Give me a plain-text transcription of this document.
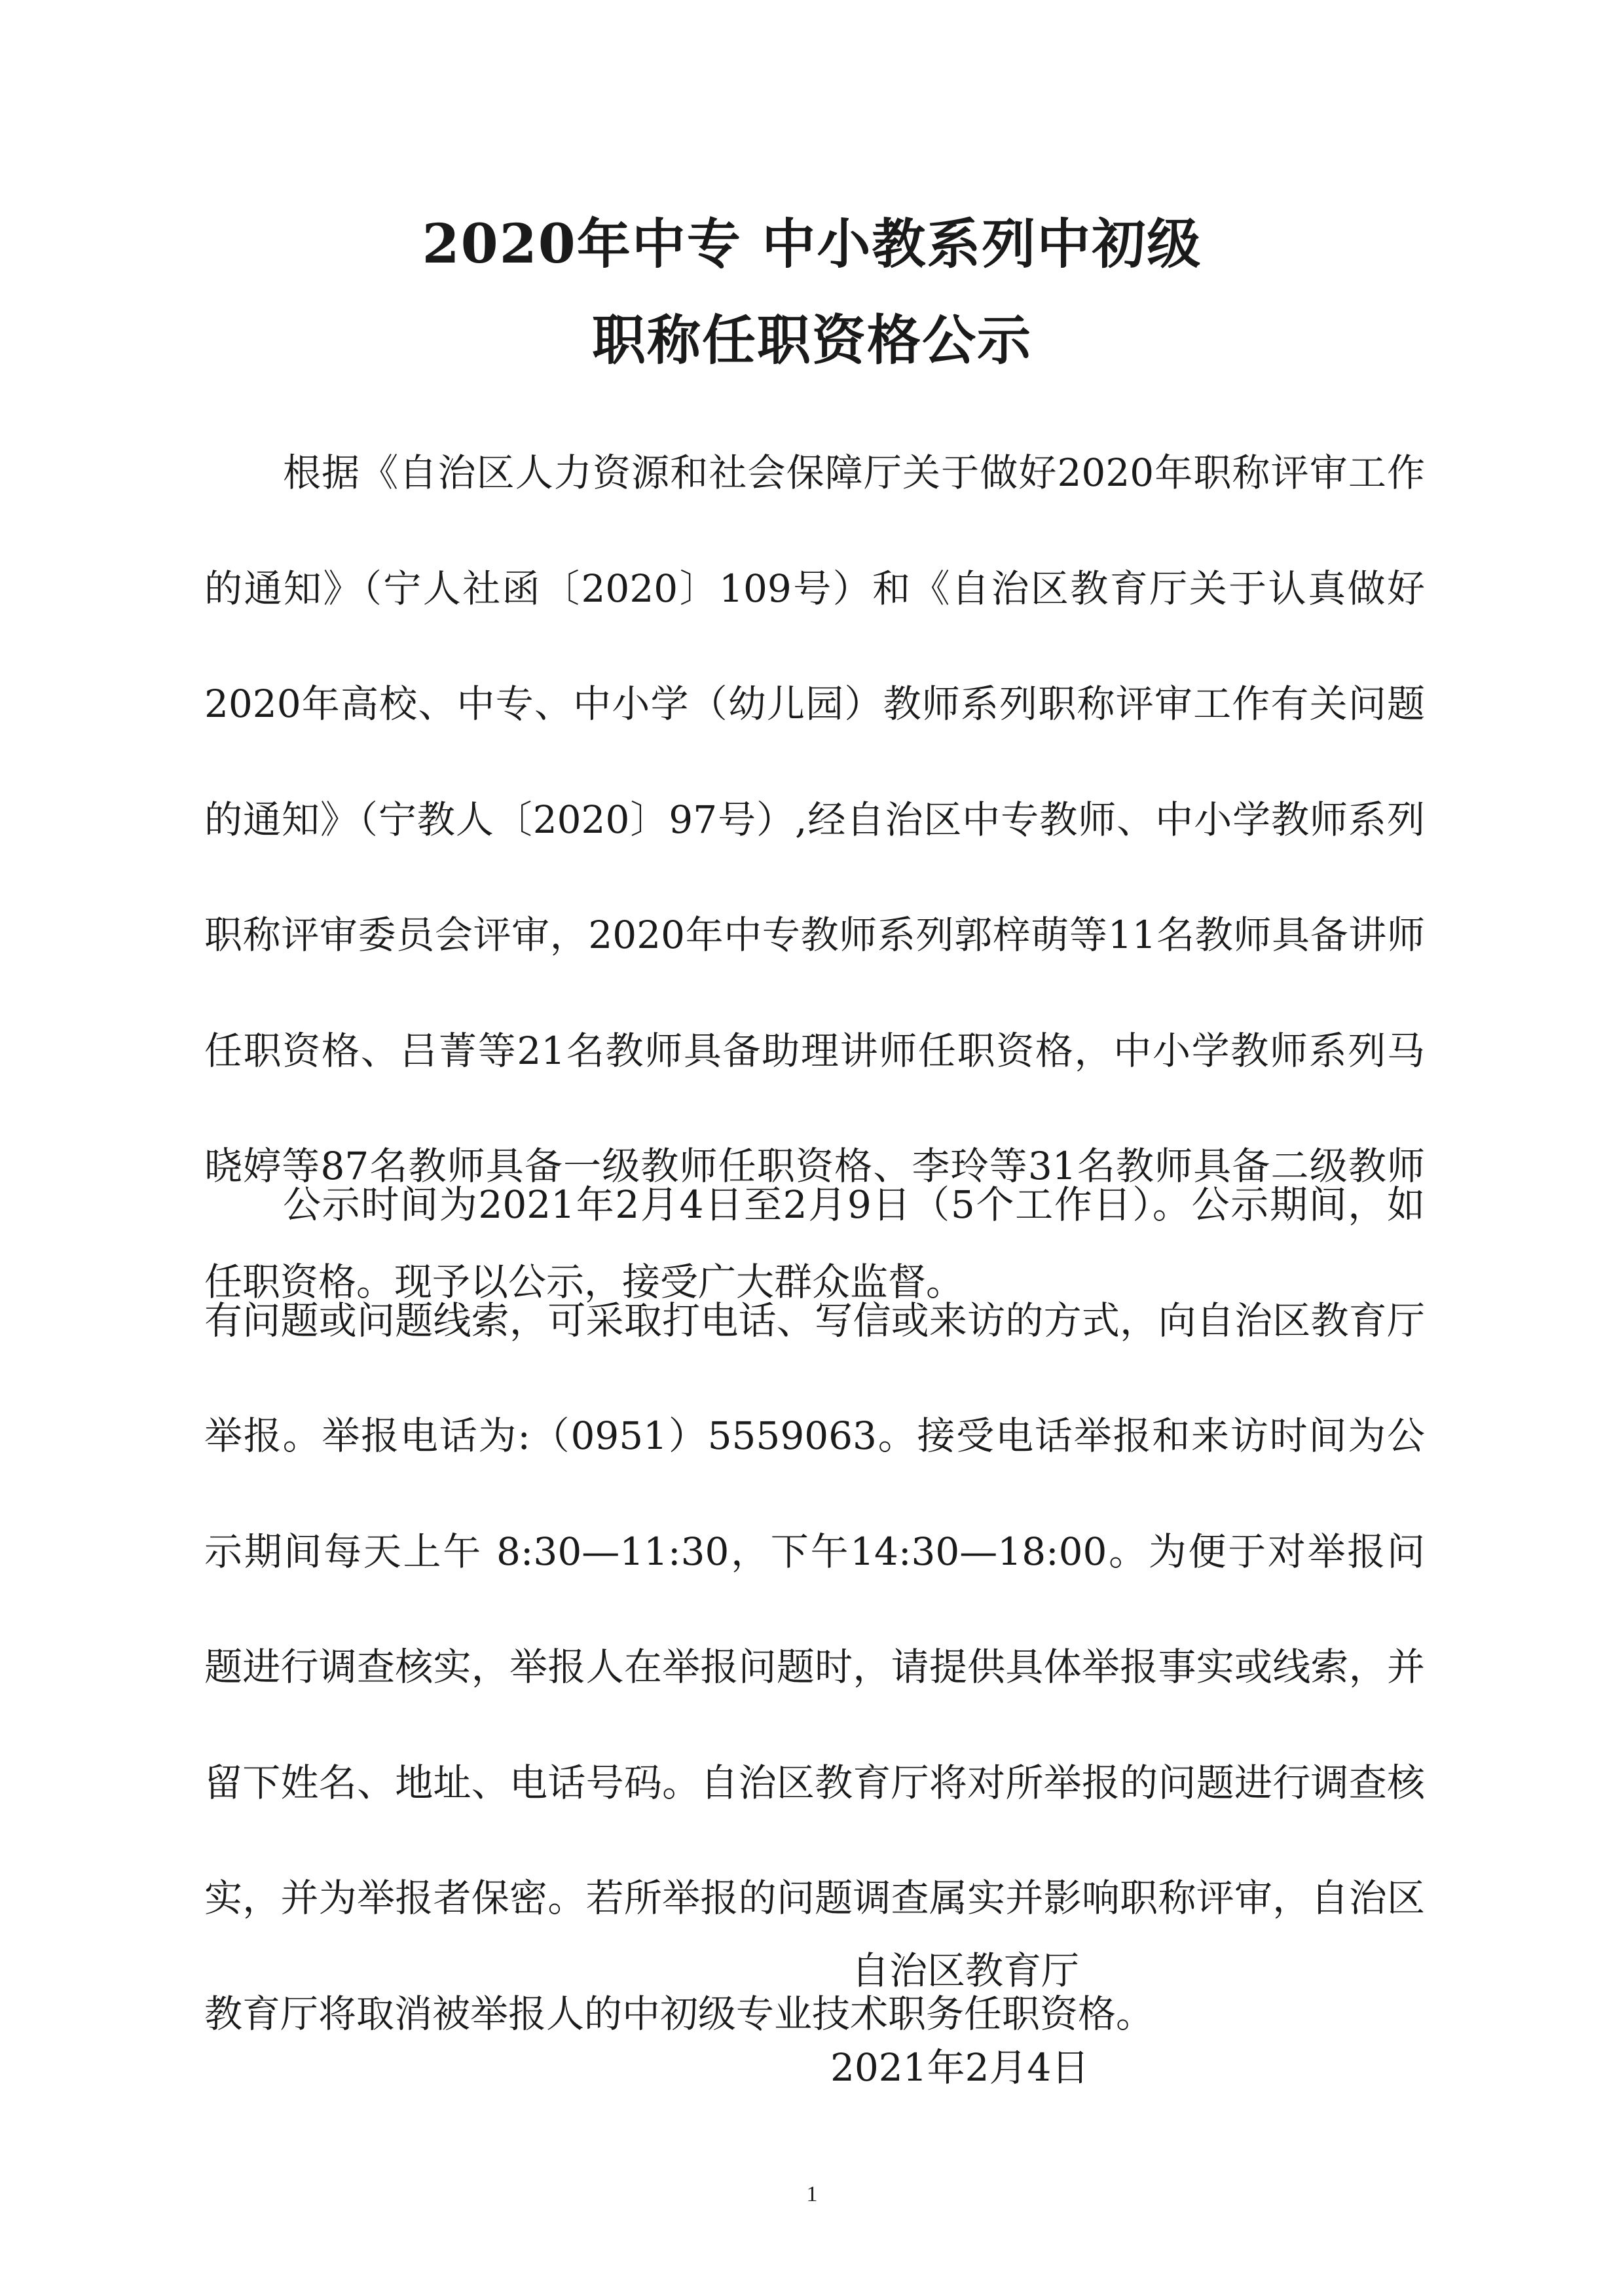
2020年中专 中小教系列中初级
职称任职资格公示

根据《自治区人力资源和社会保障厅关于做好2020年职称评审工作的通知》（宁人社函〔2020〕109号）和《自治区教育厅关于认真做好2020年高校、中专、中小学（幼儿园）教师系列职称评审工作有关问题的通知》（宁教人〔2020〕97号）,经自治区中专教师、中小学教师系列职称评审委员会评审，2020年中专教师系列郭梓萌等11名教师具备讲师任职资格、吕菁等21名教师具备助理讲师任职资格，中小学教师系列马晓婷等87名教师具备一级教师任职资格、李玲等31名教师具备二级教师任职资格。现予以公示，接受广大群众监督。

公示时间为2021年2月4日至2月9日（5个工作日）。公示期间，如有问题或问题线索，可采取打电话、写信或来访的方式，向自治区教育厅举报。举报电话为:（0951）5559063。接受电话举报和来访时间为公示期间每天上午 8:30—11:30，下午14:30—18:00。为便于对举报问题进行调查核实，举报人在举报问题时，请提供具体举报事实或线索，并留下姓名、地址、电话号码。自治区教育厅将对所举报的问题进行调查核实，并为举报者保密。若所举报的问题调查属实并影响职称评审，自治区教育厅将取消被举报人的中初级专业技术职务任职资格。

自治区教育厅
2021年2月4日
1
